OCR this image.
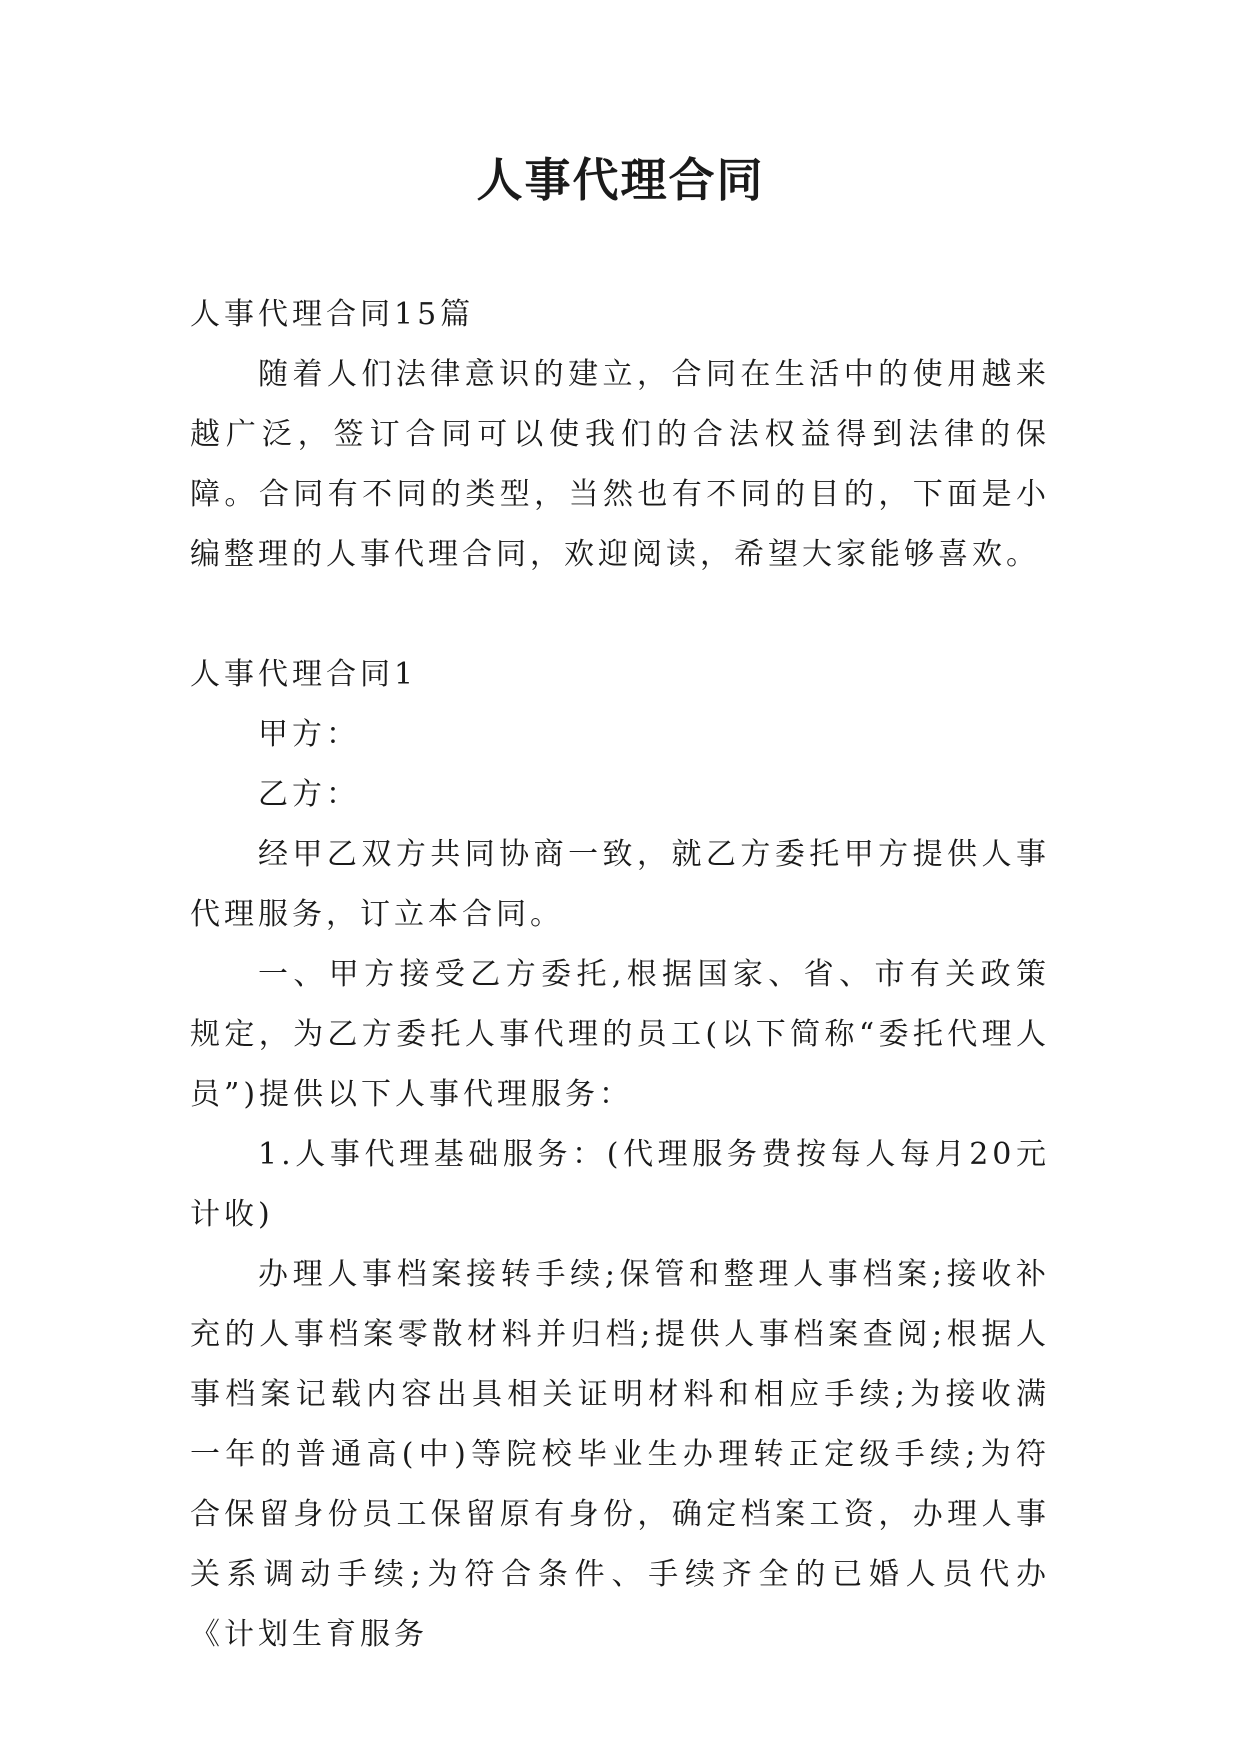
人事代理合同

人事代理合同15篇

随着人们法律意识的建立，合同在生活中的使用越来越广泛，签订合同可以使我们的合法权益得到法律的保障。合同有不同的类型，当然也有不同的目的，下面是小编整理的人事代理合同，欢迎阅读，希望大家能够喜欢。

人事代理合同1

甲方：

乙方：

经甲乙双方共同协商一致，就乙方委托甲方提供人事代理服务，订立本合同。

一、甲方接受乙方委托,根据国家、省、市有关政策规定，为乙方委托人事代理的员工(以下简称“委托代理人员”)提供以下人事代理服务：

1.人事代理基础服务：(代理服务费按每人每月20元计收)

办理人事档案接转手续;保管和整理人事档案;接收补充的人事档案零散材料并归档;提供人事档案查阅;根据人事档案记载内容出具相关证明材料和相应手续;为接收满一年的普通高(中)等院校毕业生办理转正定级手续;为符合保留身份员工保留原有身份，确定档案工资，办理人事关系调动手续;为符合条件、手续齐全的已婚人员代办《计划生育服务
